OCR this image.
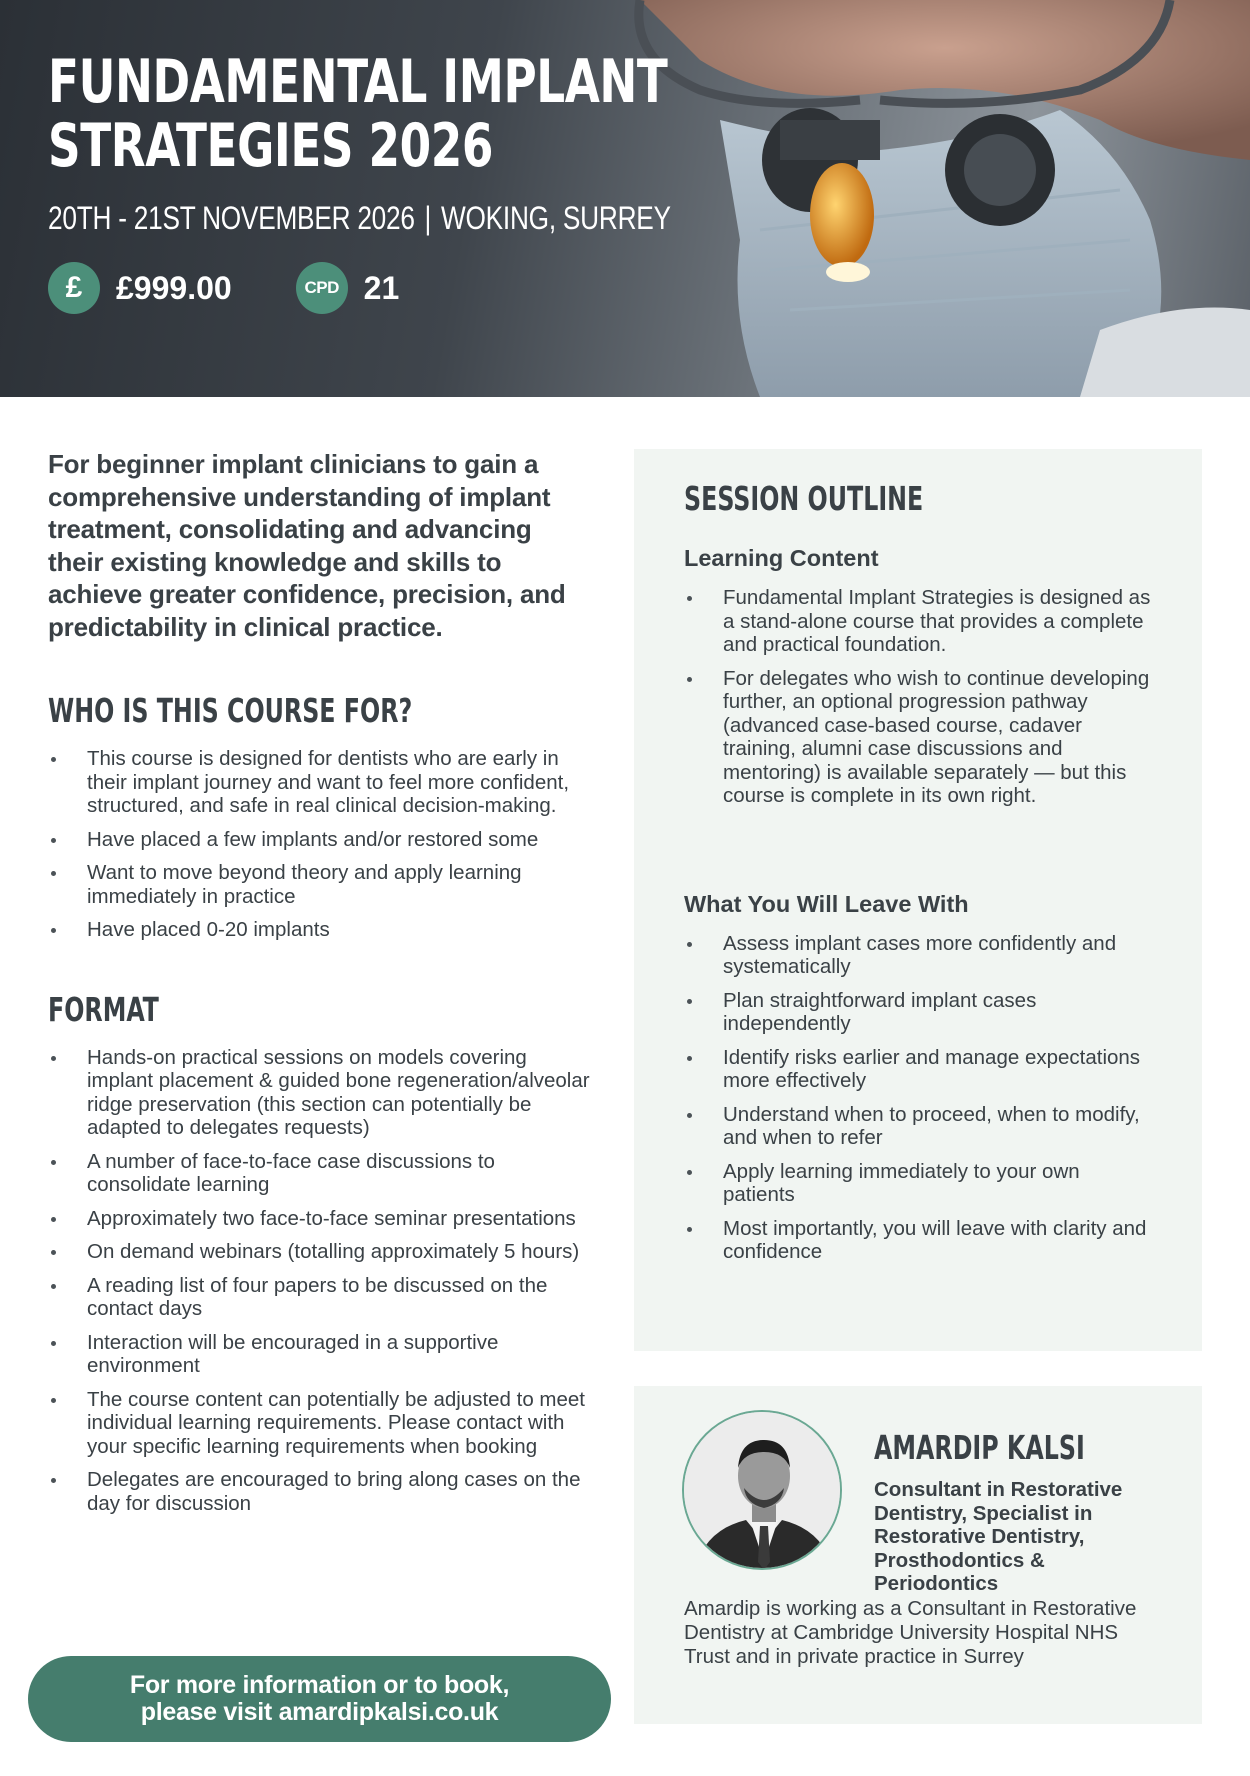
FUNDAMENTAL IMPLANT
STRATEGIES 2026
20TH - 21ST NOVEMBER 2026 | WOKING, SURREY
£	£999.00	CPD 21

For beginner implant clinicians to gain a comprehensive understanding of implant treatment, consolidating and advancing their existing knowledge and skills to achieve greater confidence, precision, and predictability in clinical practice.

WHO IS THIS COURSE FOR?
This course is designed for dentists who are early in their implant journey and want to feel more confident, structured, and safe in real clinical decision-making.
Have placed a few implants and/or restored some
Want to move beyond theory and apply learning immediately in practice
Have placed 0-20 implants
FORMAT
Hands-on practical sessions on models covering implant placement & guided bone regeneration/alveolar ridge preservation (this section can potentially be adapted to delegates requests)
A number of face-to-face case discussions to consolidate learning
Approximately two face-to-face seminar presentations
On demand webinars (totalling approximately 5 hours)
A reading list of four papers to be discussed on the contact days
Interaction will be encouraged in a supportive environment
The course content can potentially be adjusted to meet individual learning requirements. Please contact with your specific learning requirements when booking
Delegates are encouraged to bring along cases on the day for discussion
For more information or to book,
please visit amardipkalsi.co.uk
SESSION OUTLINE
Learning Content
Fundamental Implant Strategies is designed as a stand-alone course that provides a complete and practical foundation.
For delegates who wish to continue developing further, an optional progression pathway (advanced case-based course, cadaver training, alumni case discussions and mentoring) is available separately — but this course is complete in its own right.
What You Will Leave With
Assess implant cases more confidently and systematically
Plan straightforward implant cases independently
Identify risks earlier and manage expectations more effectively
Understand when to proceed, when to modify, and when to refer
Apply learning immediately to your own patients
Most importantly, you will leave with clarity and confidence
AMARDIP KALSI
Consultant in Restorative Dentistry, Specialist in Restorative Dentistry, Prosthodontics & Periodontics

Amardip is working as a Consultant in Restorative Dentistry at Cambridge University Hospital NHS Trust and in private practice in Surrey
